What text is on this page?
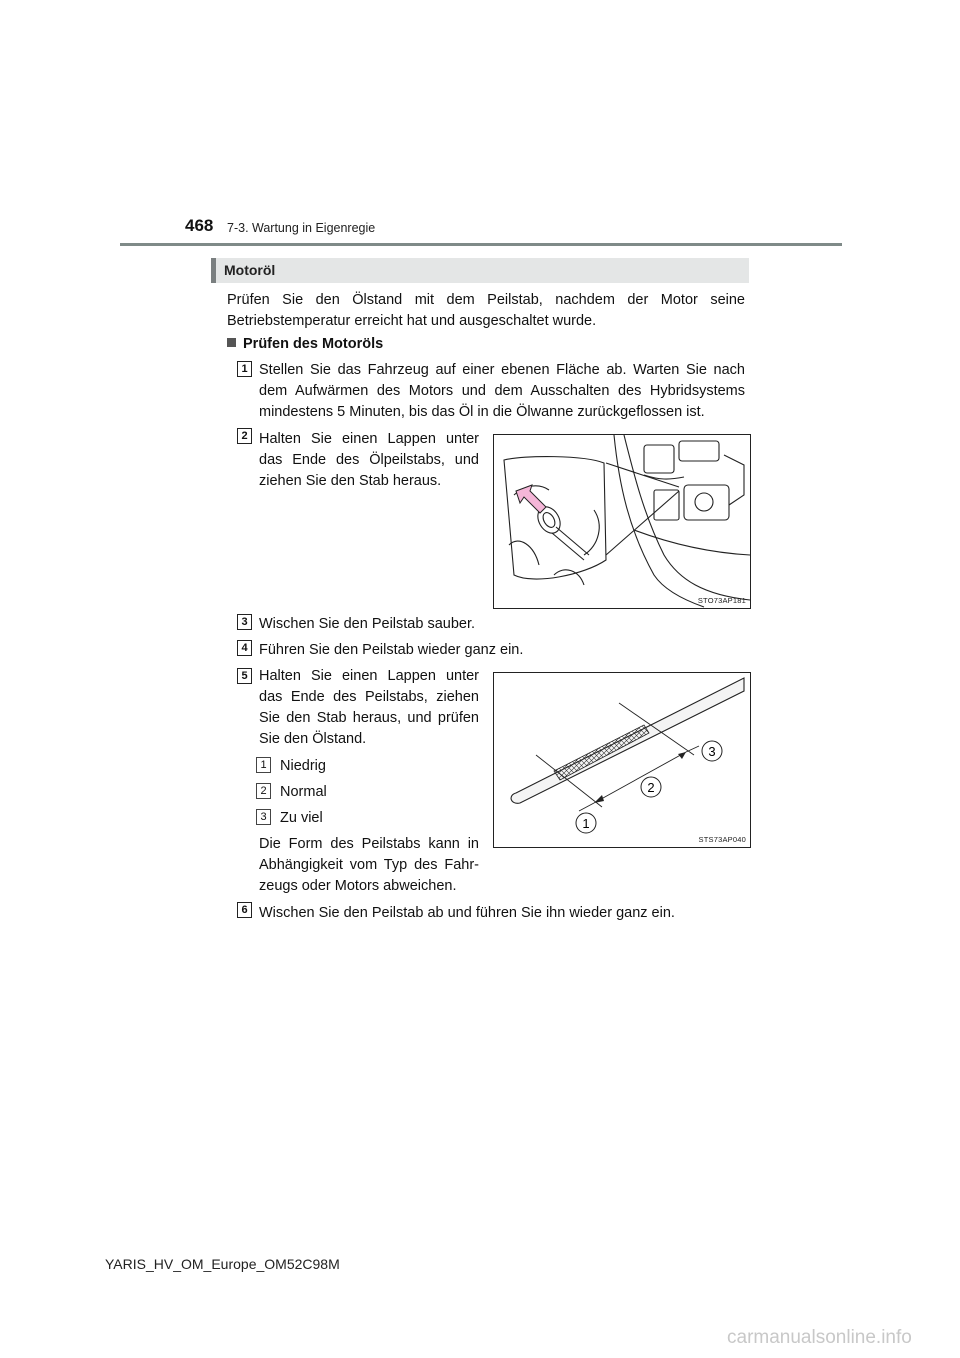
468 7-3. Wartung in Eigenregie
Motoröl
Prüfen Sie den Ölstand mit dem Peilstab, nachdem der Motor seine Betriebstemperatur erreicht hat und ausgeschaltet wurde.
Prüfen des Motoröls
1 Stellen Sie das Fahrzeug auf einer ebenen Fläche ab. Warten Sie nach dem Aufwärmen des Motors und dem Ausschalten des Hybridsystems mindestens 5 Minuten, bis das Öl in die Ölwanne zurückgeflossen ist.
2 Halten Sie einen Lappen unter das Ende des Ölpeilstabs, und ziehen Sie den Stab heraus.
STO73AP181
3 Wischen Sie den Peilstab sauber.
4 Führen Sie den Peilstab wieder ganz ein.
5 Halten Sie einen Lappen unter das Ende des Peilstabs, ziehen Sie den Stab heraus, und prüfen Sie den Ölstand.
1 Niedrig
2 Normal
3 Zu viel
Die Form des Peilstabs kann in Abhängigkeit vom Typ des Fahr-zeugs oder Motors abweichen.
1
2
3
STS73AP040
6 Wischen Sie den Peilstab ab und führen Sie ihn wieder ganz ein.
YARIS_HV_OM_Europe_OM52C98M
carmanualsonline.info
